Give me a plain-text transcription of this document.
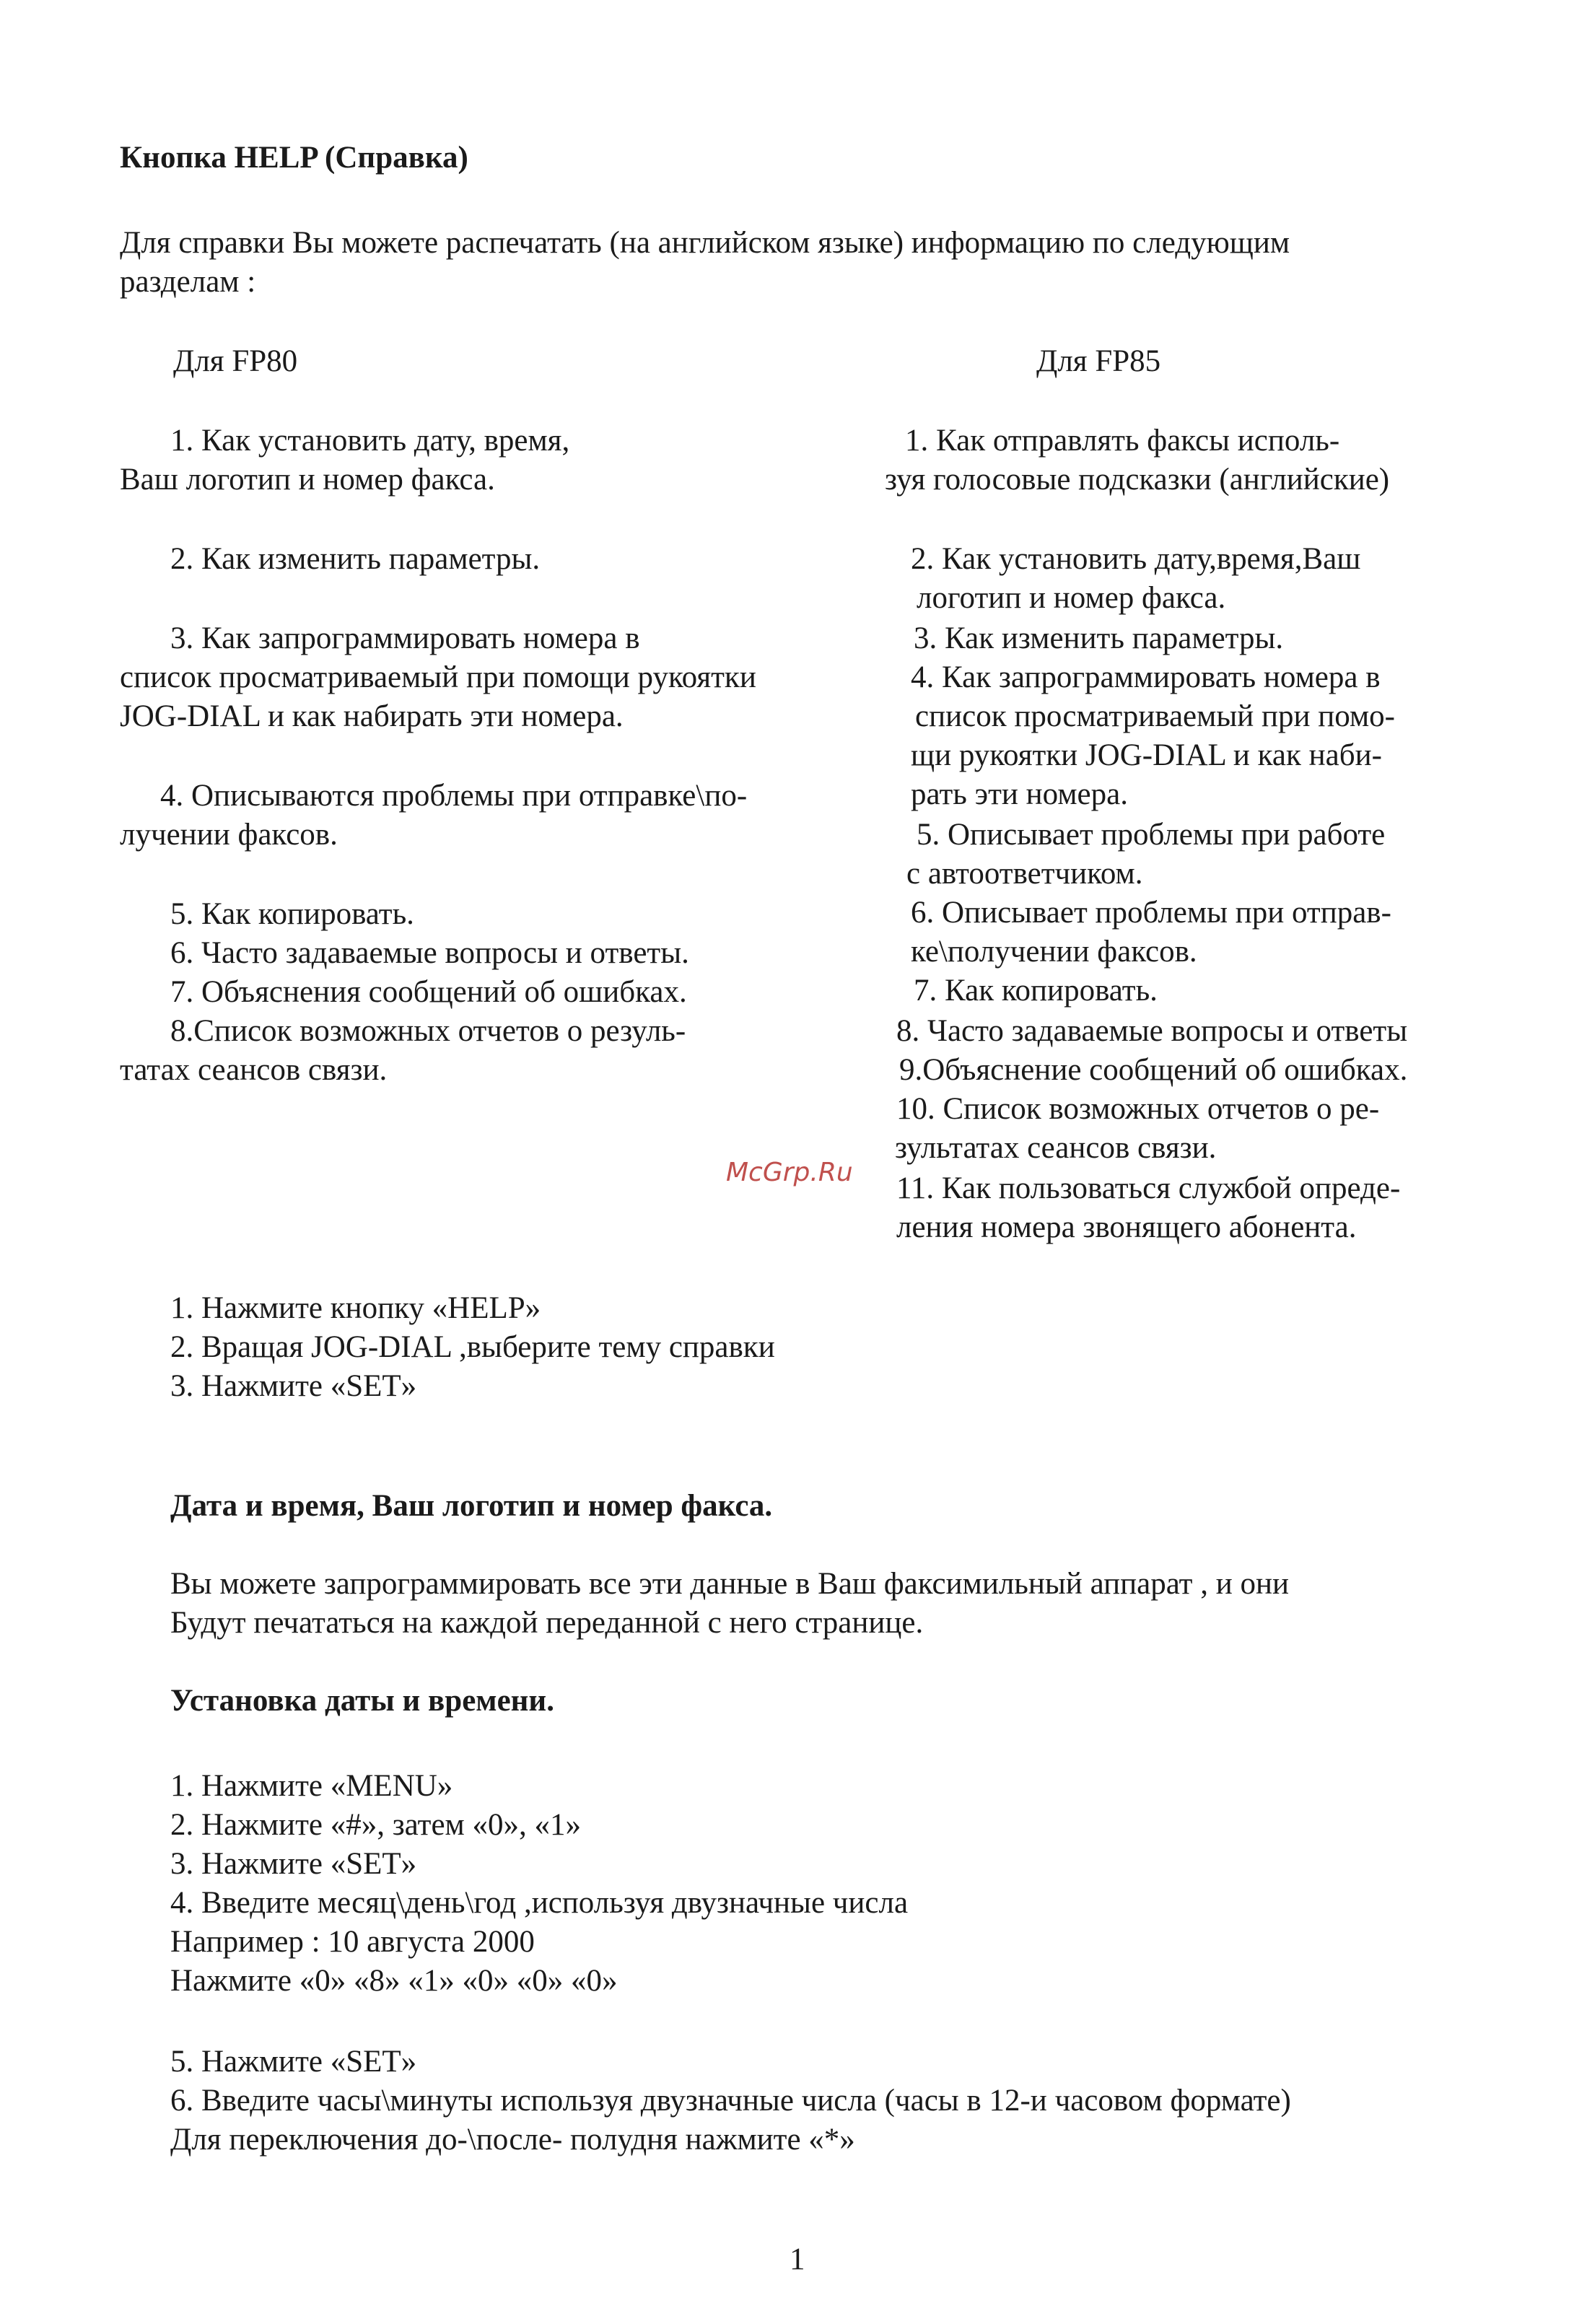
Кнопка HELP (Справка)
Для справки Вы можете распечатать (на английском языке) информацию по следующим
разделам :
Для FP80
1. Как установить дату, время,
Ваш логотип и номер факса.
2. Как изменить параметры.
3. Как запрограммировать номера в
список просматриваемый при помощи рукоятки
JOG-DIAL и как набирать эти номера.
4. Описываются проблемы при отправке\по-
лучении факсов.
5. Как копировать.
6. Часто задаваемые вопросы и ответы.
7. Объяснения сообщений об ошибках.
8.Список возможных отчетов о резуль-
татах сеансов связи.
Для FP85
1. Как отправлять факсы исполь-
зуя голосовые подсказки (английские)
2. Как установить дату,время,Ваш
логотип и номер факса.
3. Как изменить параметры.
4. Как запрограммировать номера в
список просматриваемый при помо-
щи рукоятки JOG-DIAL и как наби-
рать эти номера.
5. Описывает проблемы при работе
с автоответчиком.
6. Описывает проблемы при отправ-
ке\получении факсов.
7. Как копировать.
8. Часто задаваемые вопросы и ответы
9.Объяснение сообщений об ошибках.
10. Список возможных отчетов о ре-
зультатах сеансов связи.
11. Как пользоваться службой опреде-
ления номера звонящего абонента.
McGrp.Ru
1. Нажмите кнопку «HELP»
2. Вращая JOG-DIAL ,выберите тему справки
3. Нажмите «SET»
Дата и время, Ваш логотип и номер факса.
Вы можете запрограммировать все эти данные в Ваш факсимильный аппарат , и они
Будут печататься на каждой переданной с него странице.
Установка даты и времени.
1. Нажмите «MENU»
2. Нажмите «#», затем «0», «1»
3. Нажмите «SET»
4. Введите месяц\день\год ,используя двузначные числа
Например : 10 августа 2000
Нажмите «0» «8» «1» «0» «0» «0»
5. Нажмите «SET»
6. Введите часы\минуты используя двузначные числа (часы в 12-и часовом формате)
Для переключения до-\после- полудня нажмите «*»
1
